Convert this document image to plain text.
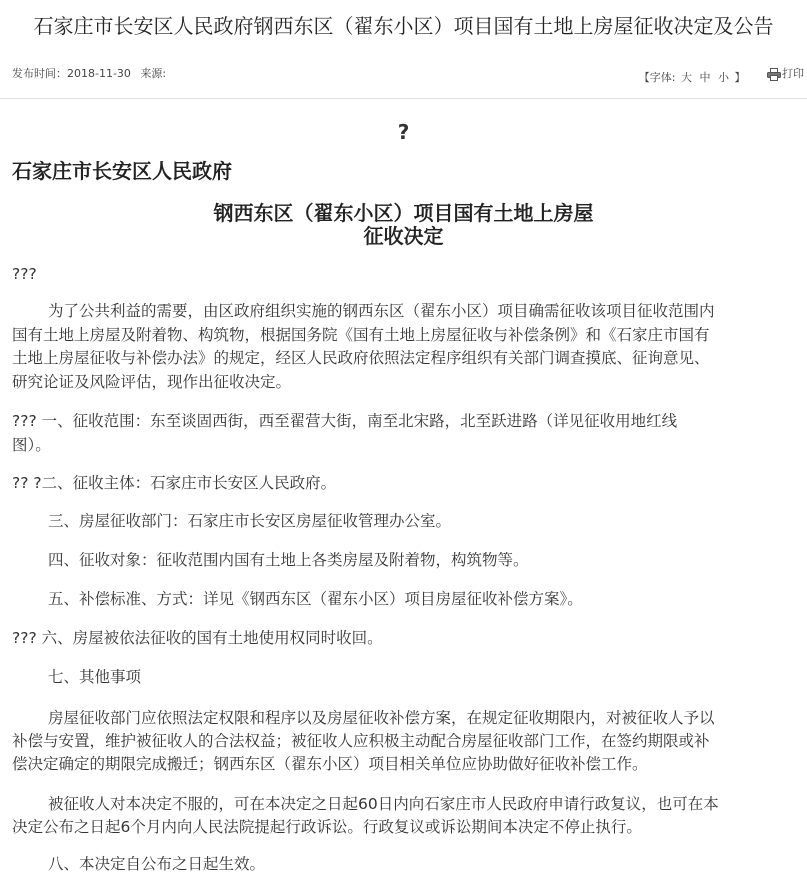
石家庄市长安区人民政府钢西东区（翟东小区）项目国有土地上房屋征收决定及公告
发布时间：2018-11-30 来源:	【字体: 大 中 小 】	打印
?
石家庄市长安区人民政府
钢西东区（翟东小区）项目国有土地上房屋
征收决定
???
为了公共利益的需要，由区政府组织实施的钢西东区（翟东小区）项目确需征收该项目征收范围内
国有土地上房屋及附着物、构筑物，根据国务院《国有土地上房屋征收与补偿条例》和《石家庄市国有
土地上房屋征收与补偿办法》的规定，经区人民政府依照法定程序组织有关部门调查摸底、征询意见、
研究论证及风险评估，现作出征收决定。
??? 一、征收范围：东至谈固西街，西至翟营大街，南至北宋路，北至跃进路（详见征收用地红线
图）。
?? ?二、征收主体：石家庄市长安区人民政府。
三、房屋征收部门：石家庄市长安区房屋征收管理办公室。
四、征收对象：征收范围内国有土地上各类房屋及附着物，构筑物等。
五、补偿标准、方式：详见《钢西东区（翟东小区）项目房屋征收补偿方案》。
??? 六、房屋被依法征收的国有土地使用权同时收回。
七、其他事项
房屋征收部门应依照法定权限和程序以及房屋征收补偿方案，在规定征收期限内，对被征收人予以
补偿与安置，维护被征收人的合法权益；被征收人应积极主动配合房屋征收部门工作，在签约期限或补
偿决定确定的期限完成搬迁；钢西东区（翟东小区）项目相关单位应协助做好征收补偿工作。
被征收人对本决定不服的，可在本决定之日起60日内向石家庄市人民政府申请行政复议，也可在本
决定公布之日起6个月内向人民法院提起行政诉讼。行政复议或诉讼期间本决定不停止执行。
八、本决定自公布之日起生效。
